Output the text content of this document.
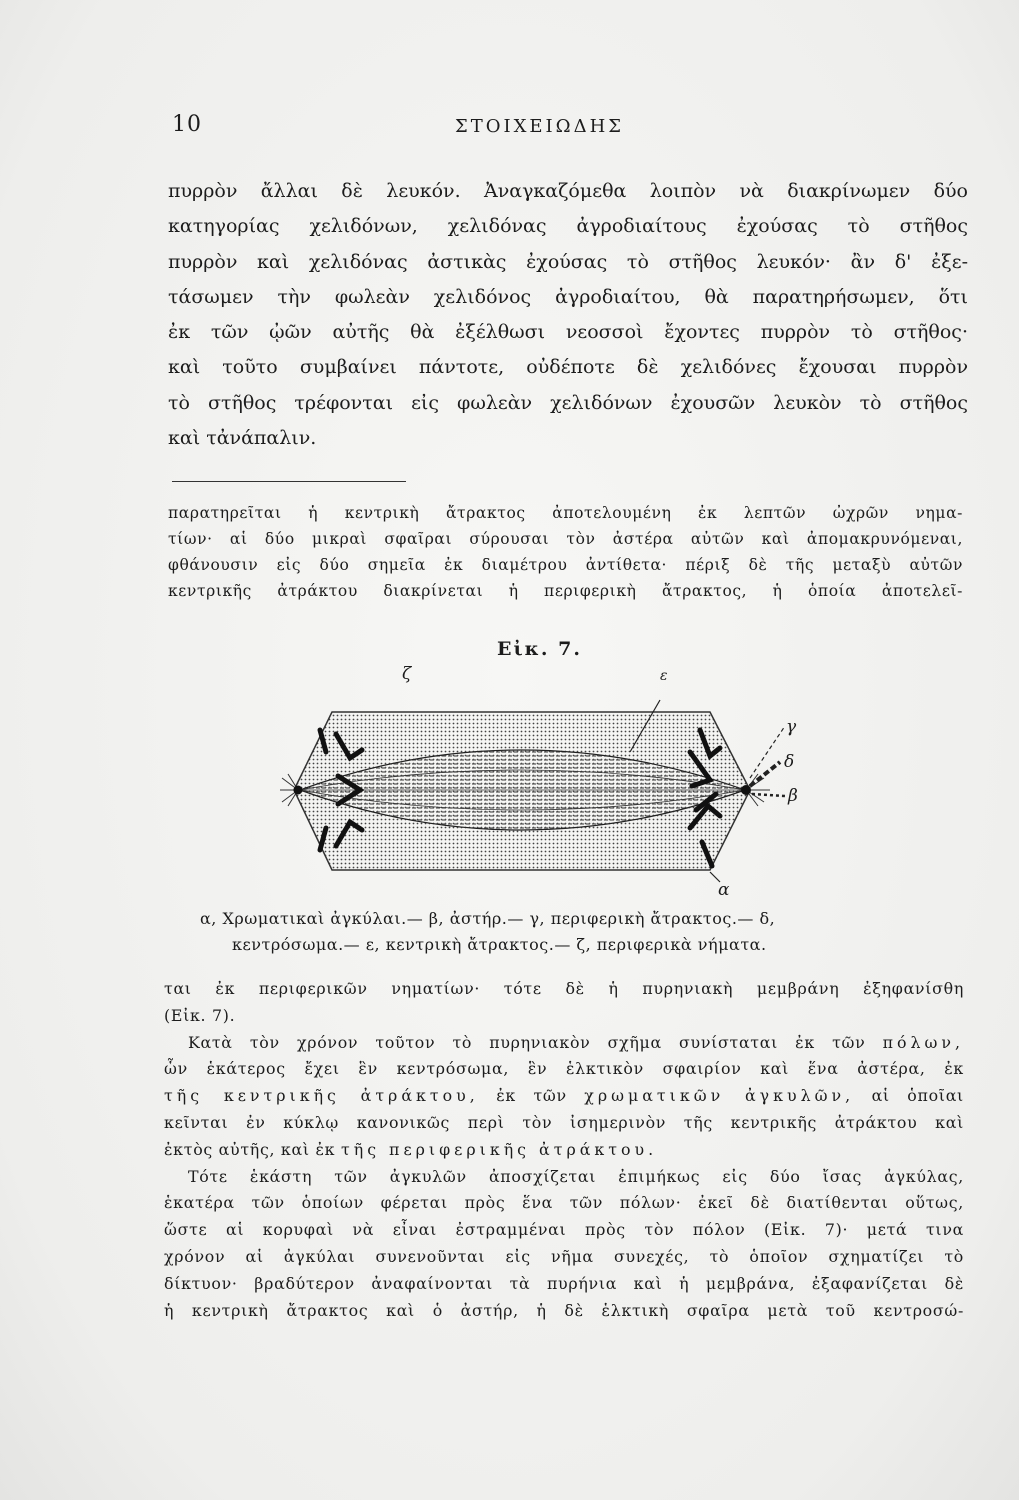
10	ΣΤΟΙΧΕΙΩΔΗΣ
πυρρὸν ἄλλαι δὲ λευκόν. Ἀναγκαζόμεθα λοιπὸν νὰ διακρίνωμεν δύο
κατηγορίας χελιδόνων, χελιδόνας ἀγροδιαίτους ἐχούσας τὸ στῆθος
πυρρὸν καὶ χελιδόνας ἀστικὰς ἐχούσας τὸ στῆθος λευκόν· ἂν δ' ἐξε-
τάσωμεν τὴν φωλεὰν χελιδόνος ἀγροδιαίτου, θὰ παρατηρήσωμεν, ὅτι
ἐκ τῶν ᾠῶν αὐτῆς θὰ ἐξέλθωσι νεοσσοὶ ἔχοντες πυρρὸν τὸ στῆθος·
καὶ τοῦτο συμβαίνει πάντοτε, οὐδέποτε δὲ χελιδόνες ἔχουσαι πυρρὸν
τὸ στῆθος τρέφονται εἰς φωλεὰν χελιδόνων ἐχουσῶν λευκὸν τὸ στῆθος
καὶ τἀνάπαλιν.
παρατηρεῖται ἡ κεντρικὴ ἄτρακτος ἀποτελουμένη ἐκ λεπτῶν ὠχρῶν νημα-
τίων· αἱ δύο μικραὶ σφαῖραι σύρουσαι τὸν ἀστέρα αὐτῶν καὶ ἀπομακρυνόμεναι,
φθάνουσιν εἰς δύο σημεῖα ἐκ διαμέτρου ἀντίθετα· πέριξ δὲ τῆς μεταξὺ αὐτῶν
κεντρικῆς ἀτράκτου διακρίνεται ἡ περιφερικὴ ἄτρακτος, ἡ ὁποία ἀποτελεῖ-
Εἰκ. 7.
ζ	ε
γ
δ
β
α
α, Χρωματικαὶ ἀγκύλαι.— β, ἀστήρ.— γ, περιφερικὴ ἄτρακτος.— δ,
κεντρόσωμα.— ε, κεντρικὴ ἄτρακτος.— ζ, περιφερικὰ νήματα.
ται ἐκ περιφερικῶν νηματίων· τότε δὲ ἡ πυρηνιακὴ μεμβράνη ἐξηφανίσθη
(Εἰκ. 7).
Κατὰ τὸν χρόνον τοῦτον τὸ πυρηνιακὸν σχῆμα συνίσταται ἐκ τῶν πόλων,
ὧν ἑκάτερος ἔχει ἓν κεντρόσωμα, ἓν ἑλκτικὸν σφαιρίον καὶ ἕνα ἀστέρα, ἐκ
τῆς κεντρικῆς ἀτράκτου, ἐκ τῶν χρωματικῶν ἀγκυλῶν, αἱ ὁποῖαι
κεῖνται ἐν κύκλῳ κανονικῶς περὶ τὸν ἰσημερινὸν τῆς κεντρικῆς ἀτράκτου καὶ
ἐκτὸς αὐτῆς, καὶ ἐκ τῆς περιφερικῆς ἀτράκτου.
Τότε ἑκάστη τῶν ἀγκυλῶν ἀποσχίζεται ἐπιμήκως εἰς δύο ἴσας ἀγκύλας,
ἑκατέρα τῶν ὁποίων φέρεται πρὸς ἕνα τῶν πόλων· ἐκεῖ δὲ διατίθενται οὕτως,
ὥστε αἱ κορυφαὶ νὰ εἶναι ἐστραμμέναι πρὸς τὸν πόλον (Εἰκ. 7)· μετά τινα
χρόνον αἱ ἀγκύλαι συνενοῦνται εἰς νῆμα συνεχές, τὸ ὁποῖον σχηματίζει τὸ
δίκτυον· βραδύτερον ἀναφαίνονται τὰ πυρήνια καὶ ἡ μεμβράνα, ἐξαφανίζεται δὲ
ἡ κεντρικὴ ἄτρακτος καὶ ὁ ἀστήρ, ἡ δὲ ἑλκτικὴ σφαῖρα μετὰ τοῦ κεντροσώ-
